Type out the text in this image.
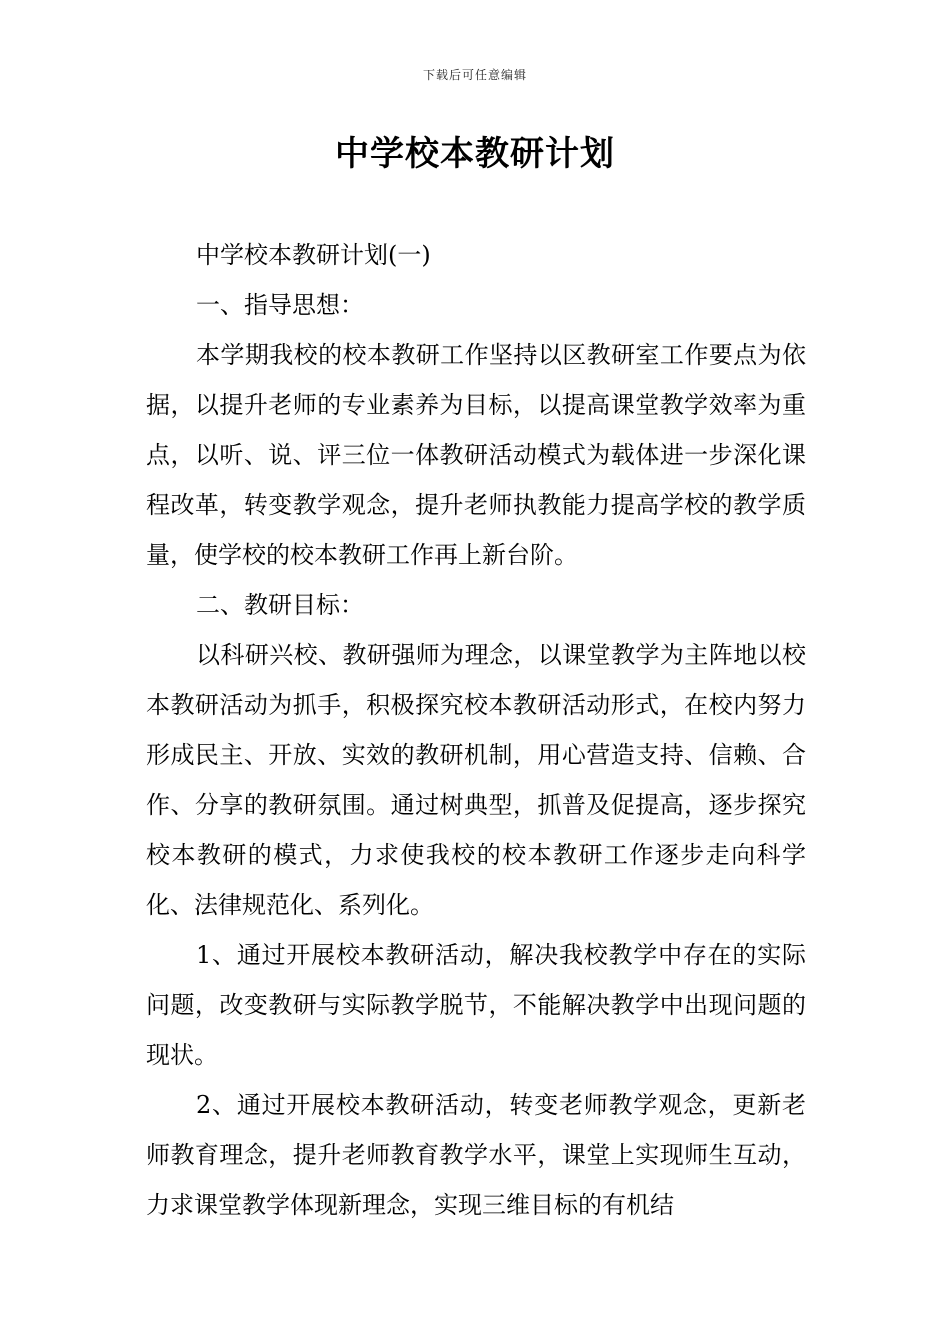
下载后可任意编辑
中学校本教研计划

中学校本教研计划(一)

一、指导思想：

本学期我校的校本教研工作坚持以区教研室工作要点为依据，以提升老师的专业素养为目标，以提高课堂教学效率为重点，以听、说、评三位一体教研活动模式为载体进一步深化课程改革，转变教学观念，提升老师执教能力提高学校的教学质量，使学校的校本教研工作再上新台阶。

二、教研目标：

以科研兴校、教研强师为理念，以课堂教学为主阵地以校本教研活动为抓手，积极探究校本教研活动形式，在校内努力形成民主、开放、实效的教研机制，用心营造支持、信赖、合作、分享的教研氛围。通过树典型，抓普及促提高，逐步探究校本教研的模式，力求使我校的校本教研工作逐步走向科学化、法律规范化、系列化。

1、通过开展校本教研活动，解决我校教学中存在的实际问题，改变教研与实际教学脱节，不能解决教学中出现问题的现状。

2、通过开展校本教研活动，转变老师教学观念，更新老师教育理念，提升老师教育教学水平，课堂上实现师生互动，力求课堂教学体现新理念，实现三维目标的有机结
